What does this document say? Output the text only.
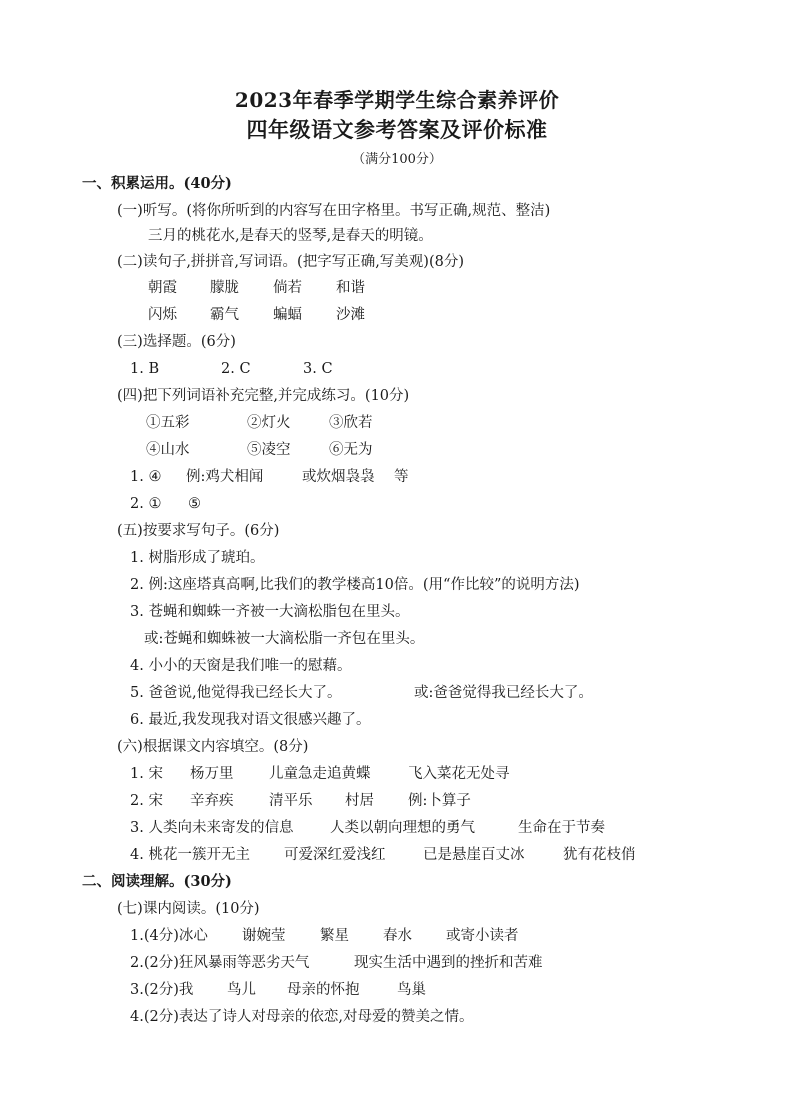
2023年春季学期学生综合素养评价
四年级语文参考答案及评价标准
（满分100分）
一、积累运用。(40分)
(一)听写。(将你所听到的内容写在田字格里。书写正确,规范、整洁)
三月的桃花水,是春天的竖琴,是春天的明镜。
(二)读句子,拼拼音,写词语。(把字写正确,写美观)(8分)
朝霞 朦胧 倘若 和谐
闪烁 霸气 蝙蝠 沙滩
(三)选择题。(6分)
1. B	2. C	3. C
(四)把下列词语补充完整,并完成练习。(10分)
①五彩	②灯火	③欣若
④山水	⑤凌空	⑥无为
1. ④ 例:鸡犬相闻	或炊烟袅袅 等
2. ① ⑤
(五)按要求写句子。(6分)
1. 树脂形成了琥珀。
2. 例:这座塔真高啊,比我们的教学楼高10倍。(用“作比较”的说明方法)
3. 苍蝇和蜘蛛一齐被一大滴松脂包在里头。
或:苍蝇和蜘蛛被一大滴松脂一齐包在里头。
4. 小小的天窗是我们唯一的慰藉。
5. 爸爸说,他觉得我已经长大了。	或:爸爸觉得我已经长大了。
6. 最近,我发现我对语文很感兴趣了。
(六)根据课文内容填空。(8分)
1. 宋 杨万里 儿童急走追黄蝶	飞入菜花无处寻
2. 宋 辛弃疾 清平乐 村居 例:卜算子
3. 人类向未来寄发的信息	人类以朝向理想的勇气	生命在于节奏
4. 桃花一簇开无主 可爱深红爱浅红	已是悬崖百丈冰	犹有花枝俏
二、阅读理解。(30分)
(七)课内阅读。(10分)
1.(4分)冰心 谢婉莹 繁星 春水 或寄小读者
2.(2分)狂风暴雨等恶劣天气	现实生活中遇到的挫折和苦难
3.(2分)我 鸟儿 母亲的怀抱	鸟巢
4.(2分)表达了诗人对母亲的依恋,对母爱的赞美之情。
